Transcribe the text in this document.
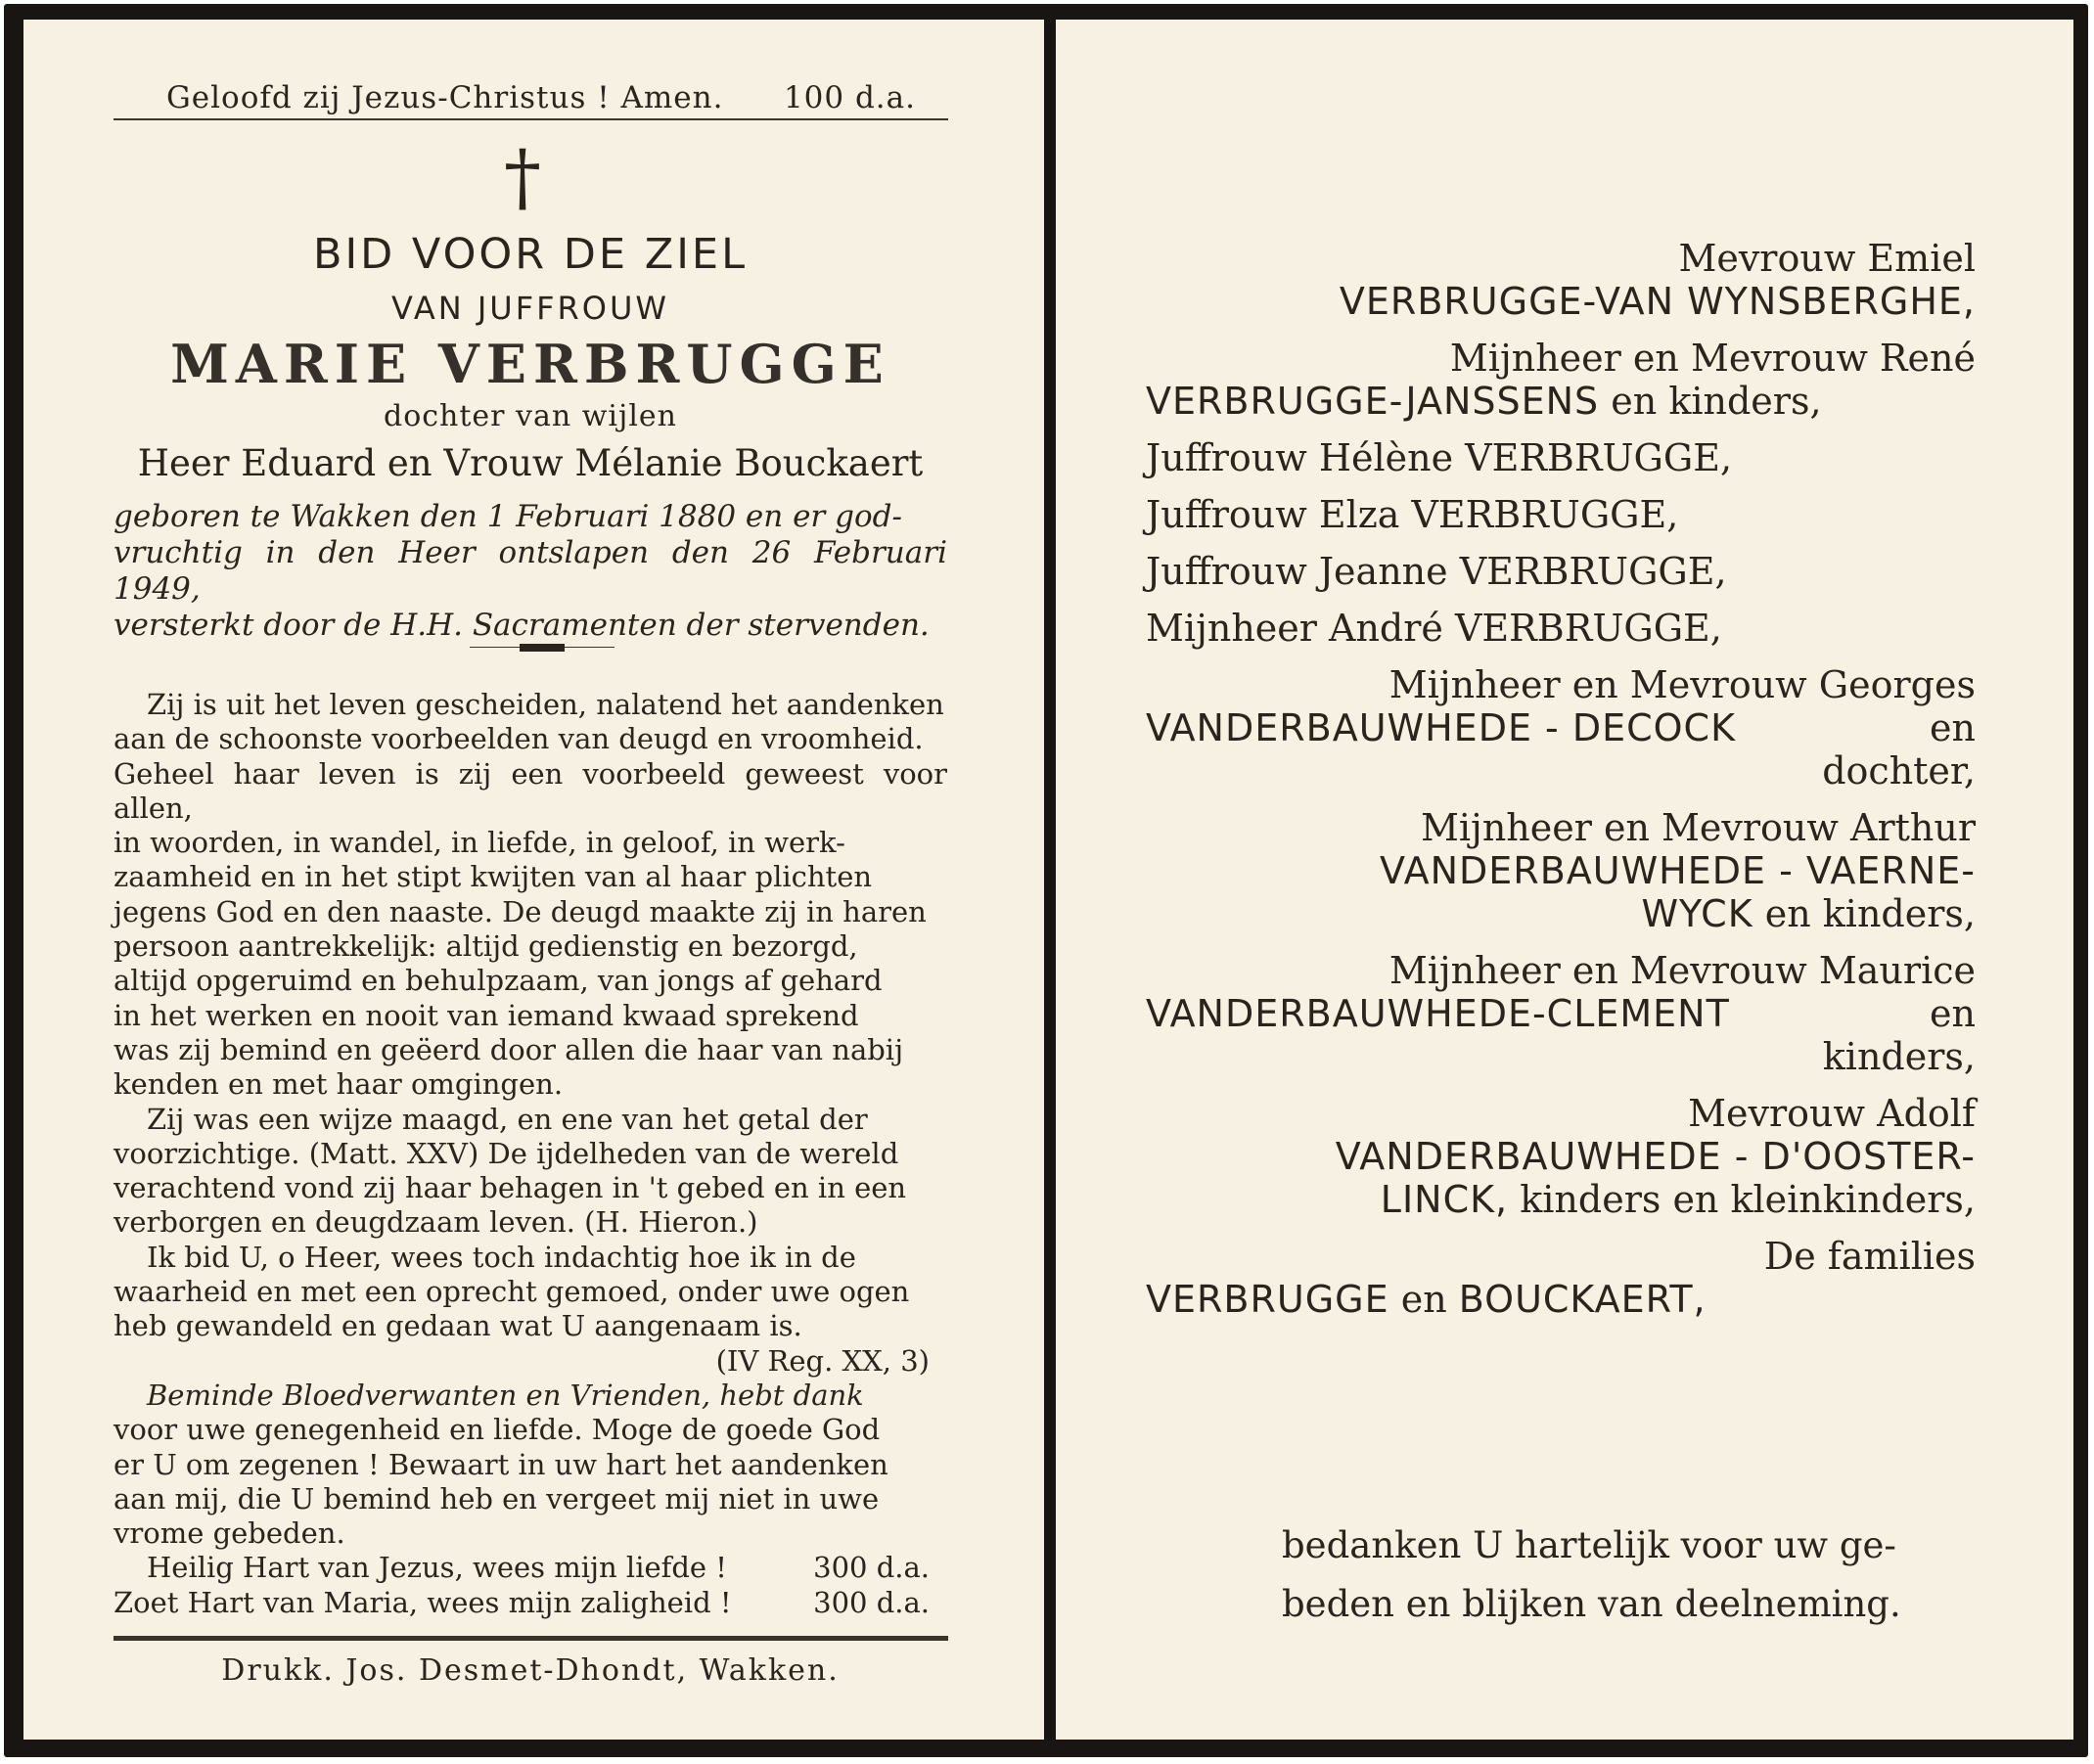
Geloofd zij Jezus-Christus ! Amen. 100 d.a.
†
BID VOOR DE ZIEL
VAN JUFFROUW
MARIE VERBRUGGE
dochter van wijlen
Heer Eduard en Vrouw Mélanie Bouckaert
geboren te Wakken den 1 Februari 1880 en er god-
vruchtig in den Heer ontslapen den 26 Februari 1949,
versterkt door de H.H. Sacramenten der stervenden.

Zij is uit het leven gescheiden, nalatend het aandenken

aan de schoonste voorbeelden van deugd en vroomheid.

Geheel haar leven is zij een voorbeeld geweest voor allen,

in woorden, in wandel, in liefde, in geloof, in werk-

zaamheid en in het stipt kwijten van al haar plichten

jegens God en den naaste. De deugd maakte zij in haren

persoon aantrekkelijk: altijd gedienstig en bezorgd,

altijd opgeruimd en behulpzaam, van jongs af gehard

in het werken en nooit van iemand kwaad sprekend

was zij bemind en geëerd door allen die haar van nabij

kenden en met haar omgingen.

Zij was een wijze maagd, en ene van het getal der

voorzichtige. (Matt. XXV) De ijdelheden van de wereld

verachtend vond zij haar behagen in 't gebed en in een

verborgen en deugdzaam leven. (H. Hieron.)

Ik bid U, o Heer, wees toch indachtig hoe ik in de

waarheid en met een oprecht gemoed, onder uwe ogen

heb gewandeld en gedaan wat U aangenaam is.

(IV Reg. XX, 3)

Beminde Bloedverwanten en Vrienden, hebt dank

voor uwe genegenheid en liefde. Moge de goede God

er U om zegenen ! Bewaart in uw hart het aandenken

aan mij, die U bemind heb en vergeet mij niet in uwe

vrome gebeden.

Heilig Hart van Jezus, wees mijn liefde !	300 d.a.
Zoet Hart van Maria, wees mijn zaligheid !	300 d.a.
Drukk. Jos. Desmet-Dhondt, Wakken.
Mevrouw Emiel
VERBRUGGE-VAN WYNSBERGHE,
Mijnheer en Mevrouw René
VERBRUGGE-JANSSENS en kinders,
Juffrouw Hélène VERBRUGGE,
Juffrouw Elza VERBRUGGE,
Juffrouw Jeanne VERBRUGGE,
Mijnheer André VERBRUGGE,
Mijnheer en Mevrouw Georges
VANDERBAUWHEDE - DECOCK	en
dochter,
Mijnheer en Mevrouw Arthur
VANDERBAUWHEDE - VAERNE-
WYCK en kinders,
Mijnheer en Mevrouw Maurice
VANDERBAUWHEDE-CLEMENT	en
kinders,
Mevrouw Adolf
VANDERBAUWHEDE - D'OOSTER-
LINCK, kinders en kleinkinders,
De families
VERBRUGGE en BOUCKAERT,
bedanken U hartelijk voor uw ge-
beden en blijken van deelneming.
